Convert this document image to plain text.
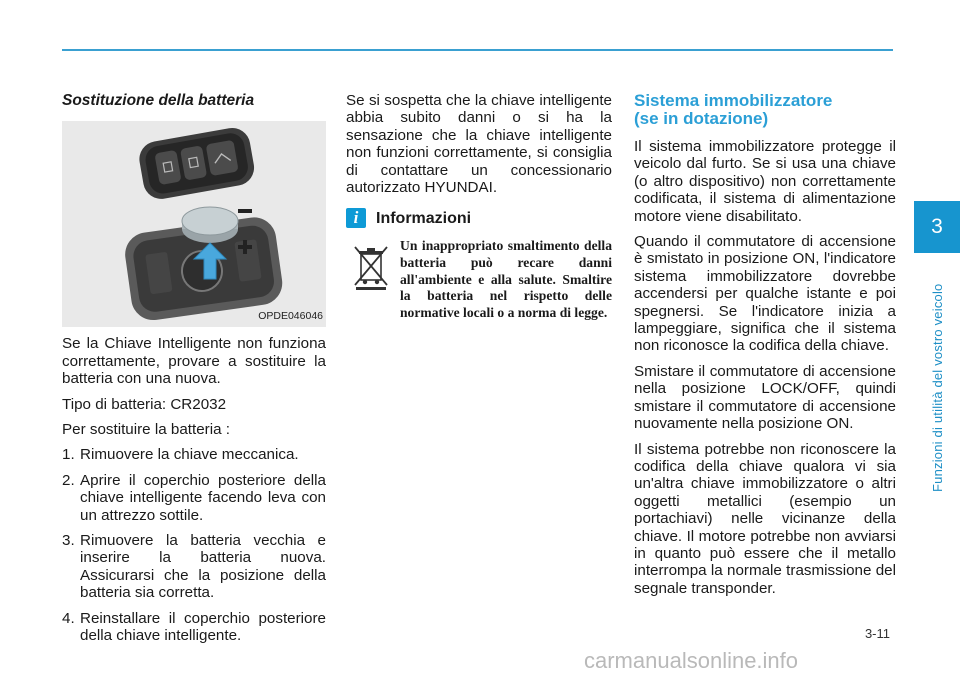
Sostituzione della batteria
OPDE046046

Se la Chiave Intelligente non funziona correttamente, provare a sostituire la batteria con una nuova.

Tipo di batteria: CR2032

Per sostituire la batteria :

1. Rimuovere la chiave meccanica.
2. Aprire il coperchio posteriore della chiave intelligente facendo leva con un attrezzo sottile.
3. Rimuovere la batteria vecchia e inserire la batteria nuova. Assicurarsi che la posizione della batteria sia corretta.
4. Reinstallare il coperchio posteriore della chiave intelligente.

Se si sospetta che la chiave intelligente abbia subito danni o si ha la sensazione che la chiave intelligente non funzioni correttamente, si consiglia di contattare un concessionario autorizzato HYUNDAI.

i	Informazioni
Un inappropriato smaltimento della batteria può recare danni all'ambiente e alla salute. Smaltire la batteria nel rispetto delle normative locali o a norma di legge.
Sistema immobilizzatore
(se in dotazione)

Il sistema immobilizzatore protegge il veicolo dal furto. Se si usa una chiave (o altro dispositivo) non correttamente codificata, il sistema di alimentazione motore viene disabilitato.

Quando il commutatore di accensione è smistato in posizione ON, l'indicatore sistema immobilizzatore dovrebbe accendersi per qualche istante e poi spegnersi. Se l'indicatore inizia a lampeggiare, significa che il sistema non riconosce la codifica della chiave.

Smistare il commutatore di accensione nella posizione LOCK/OFF, quindi smistare il commutatore di accensione nuovamente nella posizione ON.

Il sistema potrebbe non riconoscere la codifica della chiave qualora vi sia un'altra chiave immobilizzatore o altri oggetti metallici (esempio un portachiavi) nelle vicinanze della chiave. Il motore potrebbe non avviarsi in quanto può essere che il metallo interrompa la normale trasmissione del segnale transponder.

3
Funzioni di utilità del vostro veicolo
3-11
carmanualsonline.info
